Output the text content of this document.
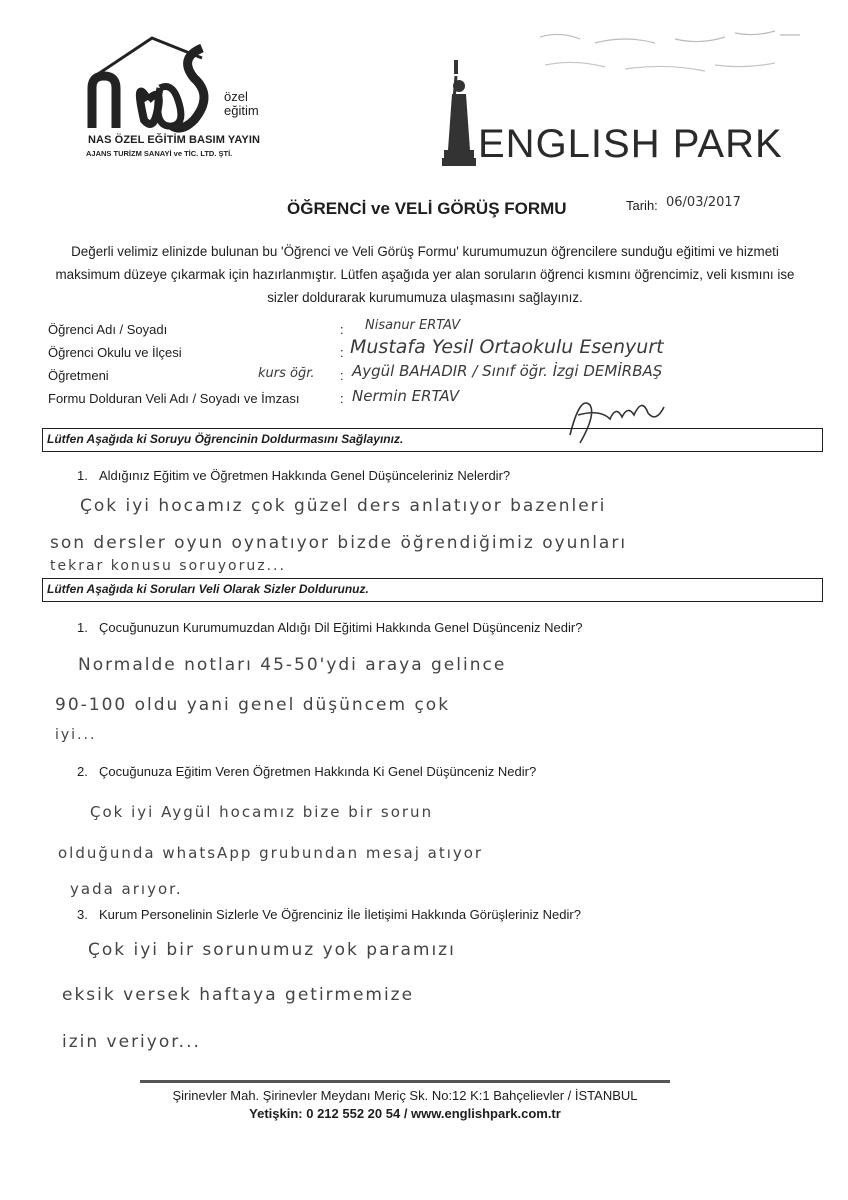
özel
eğitim
NAS ÖZEL EĞİTİM BASIM YAYIN
AJANS TURİZM SANAYİ ve TİC. LTD. ŞTİ.	ENGLISH PARK
ÖĞRENCİ ve VELİ GÖRÜŞ FORMU	Tarih: 06/03/2017
Değerli velimiz elinizde bulunan bu 'Öğrenci ve Veli Görüş Formu' kurumumuzun öğrencilere sunduğu eğitimi ve hizmeti maksimum düzeye çıkarmak için hazırlanmıştır. Lütfen aşağıda yer alan soruların öğrenci kısmını öğrencimiz, veli kısmını ise sizler doldurarak kurumumuza ulaşmasını sağlayınız.
Öğrenci Adı / Soyadı	: Nisanur ERTAV
Öğrenci Okulu ve İlçesi	: Mustafa Yesil Ortaokulu Esenyurt
Öğretmeni	kurs öğr. : Aygül BAHADIR / Sınıf öğr. İzgi DEMİRBAŞ
Formu Dolduran Veli Adı / Soyadı ve İmzası	: Nermin ERTAV
Lütfen Aşağıda ki Soruyu Öğrencinin Doldurmasını Sağlayınız.
1. Aldığınız Eğitim ve Öğretmen Hakkında Genel Düşünceleriniz Nelerdir?
Çok iyi hocamız çok güzel ders anlatıyor bazenleri
son dersler oyun oynatıyor bizde öğrendiğimiz oyunları
tekrar konusu soruyoruz...
Lütfen Aşağıda ki Soruları Veli Olarak Sizler Doldurunuz.
1. Çocuğunuzun Kurumumuzdan Aldığı Dil Eğitimi Hakkında Genel Düşünceniz Nedir?
Normalde notları 45-50'ydi araya gelince
90-100 oldu yani genel düşüncem çok
iyi...
2. Çocuğunuza Eğitim Veren Öğretmen Hakkında Ki Genel Düşünceniz Nedir?
Çok iyi Aygül hocamız bize bir sorun
olduğunda whatsApp grubundan mesaj atıyor
yada arıyor.
3. Kurum Personelinin Sizlerle Ve Öğrenciniz İle İletişimi Hakkında Görüşleriniz Nedir?
Çok iyi bir sorunumuz yok paramızı
eksik versek haftaya getirmemize
izin veriyor...
Şirinevler Mah. Şirinevler Meydanı Meriç Sk. No:12 K:1 Bahçelievler / İSTANBUL
Yetişkin: 0 212 552 20 54 / www.englishpark.com.tr
